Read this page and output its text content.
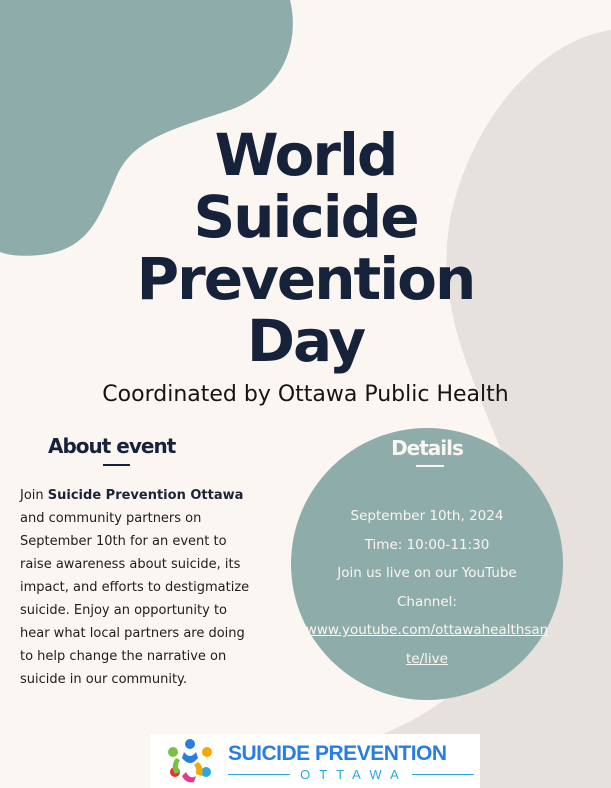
World
Suicide
Prevention
Day
Coordinated by Ottawa Public Health
About event
Join Suicide Prevention Ottawa and community partners on September 10th for an event to raise awareness about suicide, its impact, and efforts to destigmatize suicide. Enjoy an opportunity to hear what local partners are doing to help change the narrative on suicide in our community.
Details
September 10th, 2024
Time: 10:00-11:30
Join us live on our YouTube
Channel:
www.youtube.com/ottawahealthsan
te/live
SUICIDE PREVENTION
OTTAWA
